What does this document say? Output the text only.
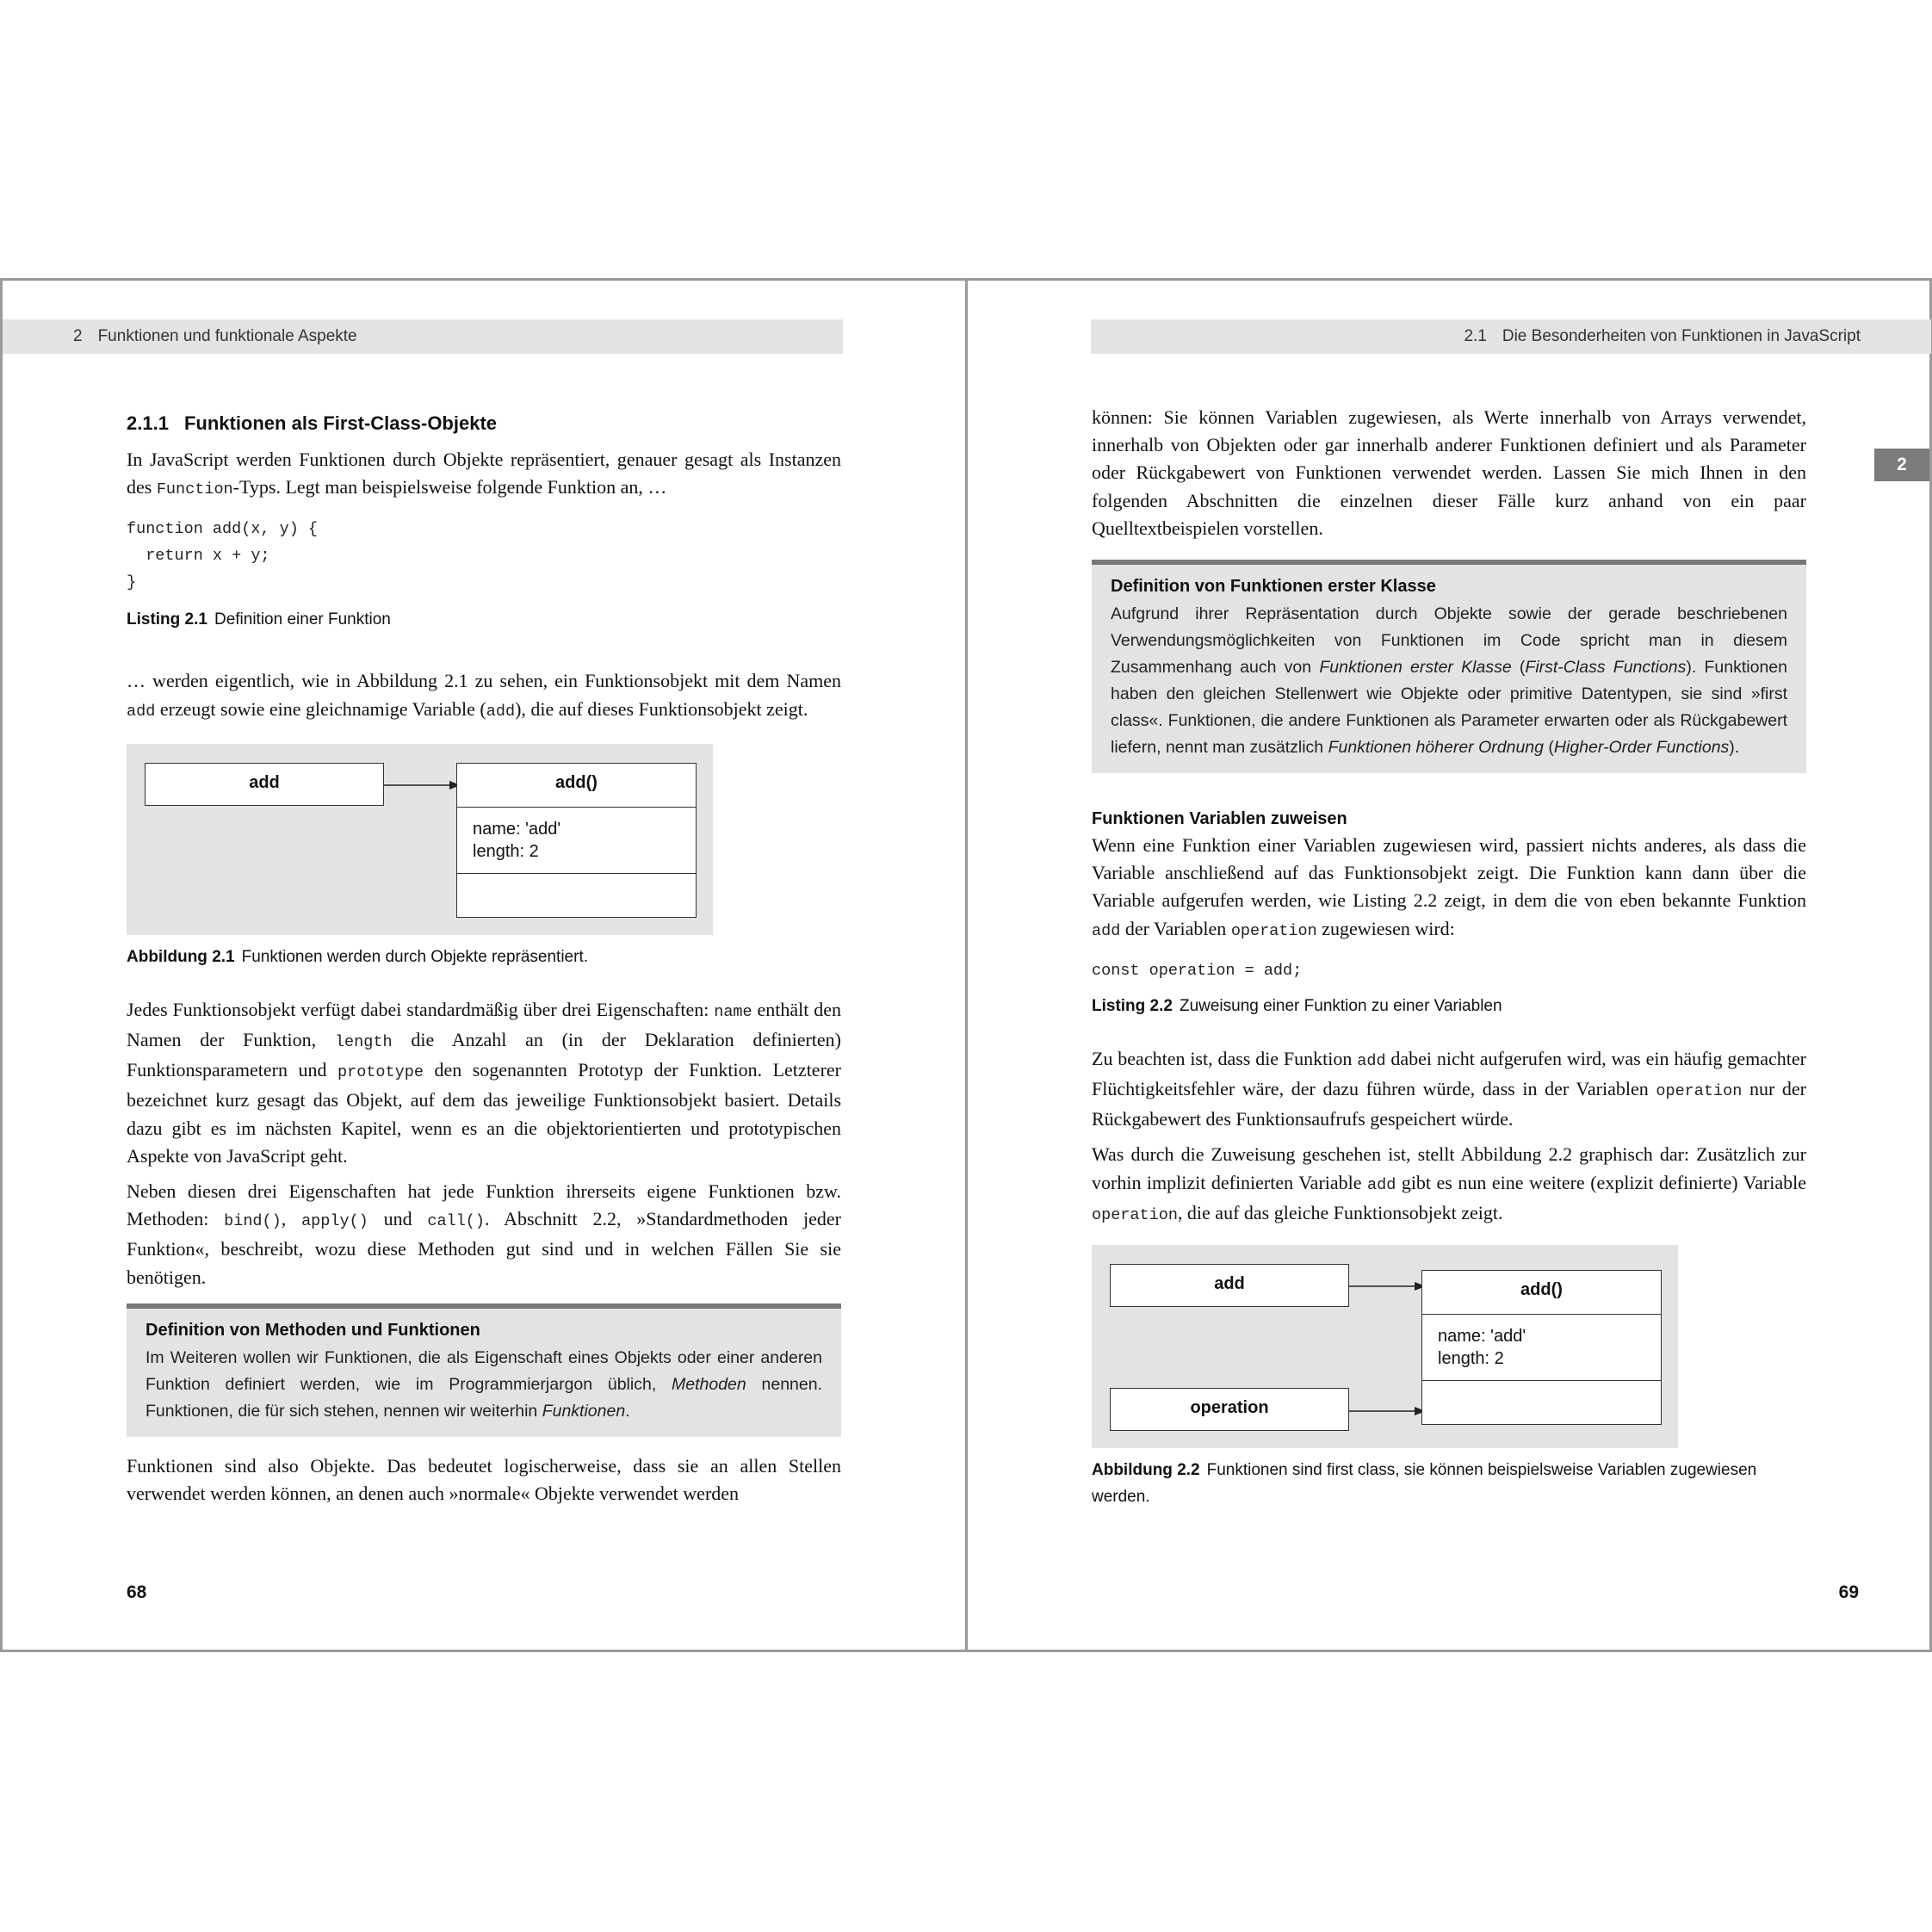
2 Funktionen und funktionale Aspekte
2.1.1 Funktionen als First-Class-Objekte

In JavaScript werden Funktionen durch Objekte repräsentiert, genauer gesagt als Instanzen des Function-Typs. Legt man beispielsweise folgende Funktion an, …

function add(x, y) {
return x + y;
}

Listing 2.1 Definition einer Funktion

… werden eigentlich, wie in Abbildung 2.1 zu sehen, ein Funktionsobjekt mit dem Namen add erzeugt sowie eine gleichnamige Variable (add), die auf dieses Funktionsobjekt zeigt.

add	add()
name: 'add'
length: 2

Abbildung 2.1 Funktionen werden durch Objekte repräsentiert.

Jedes Funktionsobjekt verfügt dabei standardmäßig über drei Eigenschaften: name enthält den Namen der Funktion, length die Anzahl an (in der Deklaration definierten) Funktionsparametern und prototype den sogenannten Prototyp der Funktion. Letzterer bezeichnet kurz gesagt das Objekt, auf dem das jeweilige Funktionsobjekt basiert. Details dazu gibt es im nächsten Kapitel, wenn es an die objektorientierten und prototypischen Aspekte von JavaScript geht.

Neben diesen drei Eigenschaften hat jede Funktion ihrerseits eigene Funktionen bzw. Methoden: bind(), apply() und call(). Abschnitt 2.2, »Standardmethoden jeder Funktion«, beschreibt, wozu diese Methoden gut sind und in welchen Fällen Sie sie benötigen.

Definition von Methoden und Funktionen

Im Weiteren wollen wir Funktionen, die als Eigenschaft eines Objekts oder einer anderen Funktion definiert werden, wie im Programmierjargon üblich, Methoden nennen. Funktionen, die für sich stehen, nennen wir weiterhin Funktionen.

Funktionen sind also Objekte. Das bedeutet logischerweise, dass sie an allen Stellen verwendet werden können, an denen auch »normale« Objekte verwendet werden

68
2.1 Die Besonderheiten von Funktionen in JavaScript
2

können: Sie können Variablen zugewiesen, als Werte innerhalb von Arrays verwendet, innerhalb von Objekten oder gar innerhalb anderer Funktionen definiert und als Parameter oder Rückgabewert von Funktionen verwendet werden. Lassen Sie mich Ihnen in den folgenden Abschnitten die einzelnen dieser Fälle kurz anhand von ein paar Quelltextbeispielen vorstellen.

Definition von Funktionen erster Klasse

Aufgrund ihrer Repräsentation durch Objekte sowie der gerade beschriebenen Verwendungsmöglichkeiten von Funktionen im Code spricht man in diesem Zusammenhang auch von Funktionen erster Klasse (First-Class Functions). Funktionen haben den gleichen Stellenwert wie Objekte oder primitive Datentypen, sie sind »first class«. Funktionen, die andere Funktionen als Parameter erwarten oder als Rückgabewert liefern, nennt man zusätzlich Funktionen höherer Ordnung (Higher-Order Functions).

Funktionen Variablen zuweisen

Wenn eine Funktion einer Variablen zugewiesen wird, passiert nichts anderes, als dass die Variable anschließend auf das Funktionsobjekt zeigt. Die Funktion kann dann über die Variable aufgerufen werden, wie Listing 2.2 zeigt, in dem die von eben bekannte Funktion add der Variablen operation zugewiesen wird:

const operation = add;

Listing 2.2 Zuweisung einer Funktion zu einer Variablen

Zu beachten ist, dass die Funktion add dabei nicht aufgerufen wird, was ein häufig gemachter Flüchtigkeitsfehler wäre, der dazu führen würde, dass in der Variablen operation nur der Rückgabewert des Funktionsaufrufs gespeichert würde.

Was durch die Zuweisung geschehen ist, stellt Abbildung 2.2 graphisch dar: Zusätzlich zur vorhin implizit definierten Variable add gibt es nun eine weitere (explizit definierte) Variable operation, die auf das gleiche Funktionsobjekt zeigt.

add
operation
add()
name: 'add'
length: 2

Abbildung 2.2 Funktionen sind first class, sie können beispielsweise Variablen zugewiesen werden.

69
